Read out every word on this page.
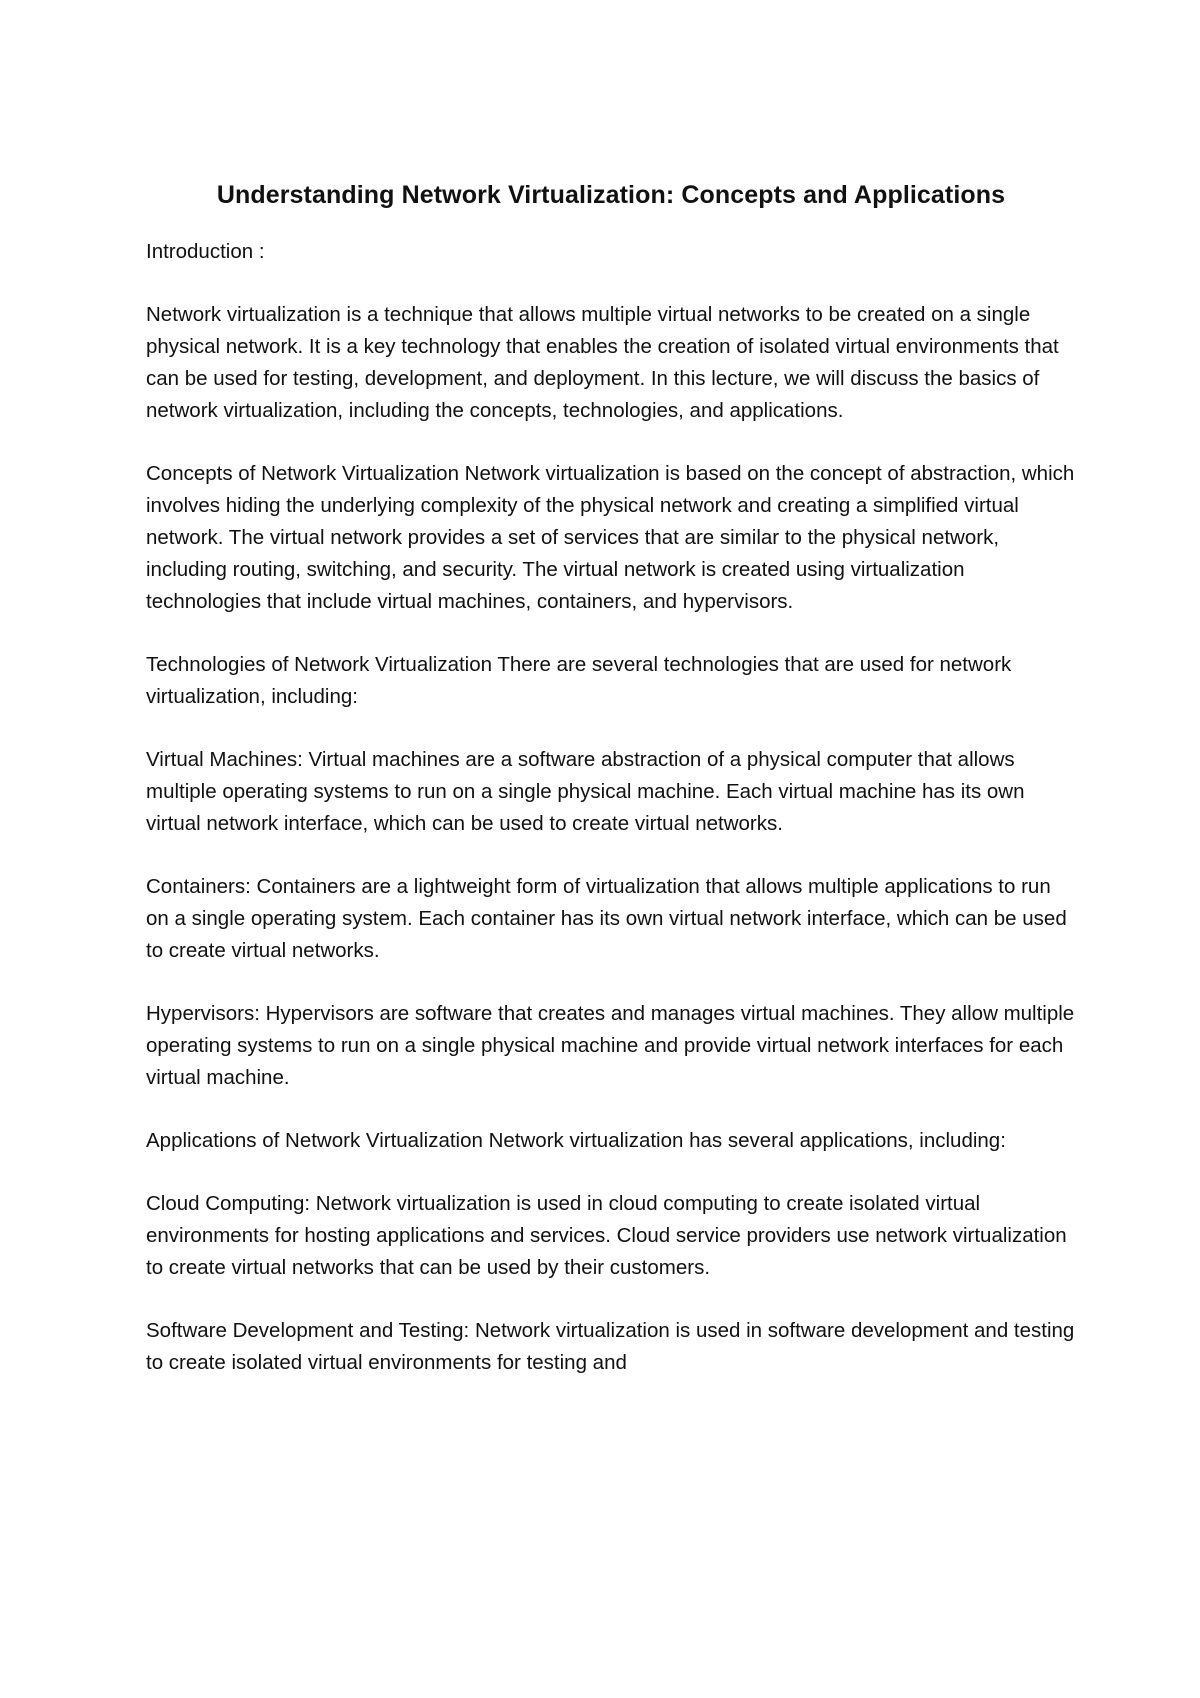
Understanding Network Virtualization: Concepts and Applications

Introduction :

Network virtualization is a technique that allows multiple virtual networks to be created on a single physical network. It is a key technology that enables the creation of isolated virtual environments that can be used for testing, development, and deployment. In this lecture, we will discuss the basics of network virtualization, including the concepts, technologies, and applications.

Concepts of Network Virtualization Network virtualization is based on the concept of abstraction, which involves hiding the underlying complexity of the physical network and creating a simplified virtual network. The virtual network provides a set of services that are similar to the physical network, including routing, switching, and security. The virtual network is created using virtualization technologies that include virtual machines, containers, and hypervisors.

Technologies of Network Virtualization There are several technologies that are used for network virtualization, including:

Virtual Machines: Virtual machines are a software abstraction of a physical computer that allows multiple operating systems to run on a single physical machine. Each virtual machine has its own virtual network interface, which can be used to create virtual networks.

Containers: Containers are a lightweight form of virtualization that allows multiple applications to run on a single operating system. Each container has its own virtual network interface, which can be used to create virtual networks.

Hypervisors: Hypervisors are software that creates and manages virtual machines. They allow multiple operating systems to run on a single physical machine and provide virtual network interfaces for each virtual machine.

Applications of Network Virtualization Network virtualization has several applications, including:

Cloud Computing: Network virtualization is used in cloud computing to create isolated virtual environments for hosting applications and services. Cloud service providers use network virtualization to create virtual networks that can be used by their customers.

Software Development and Testing: Network virtualization is used in software development and testing to create isolated virtual environments for testing and
